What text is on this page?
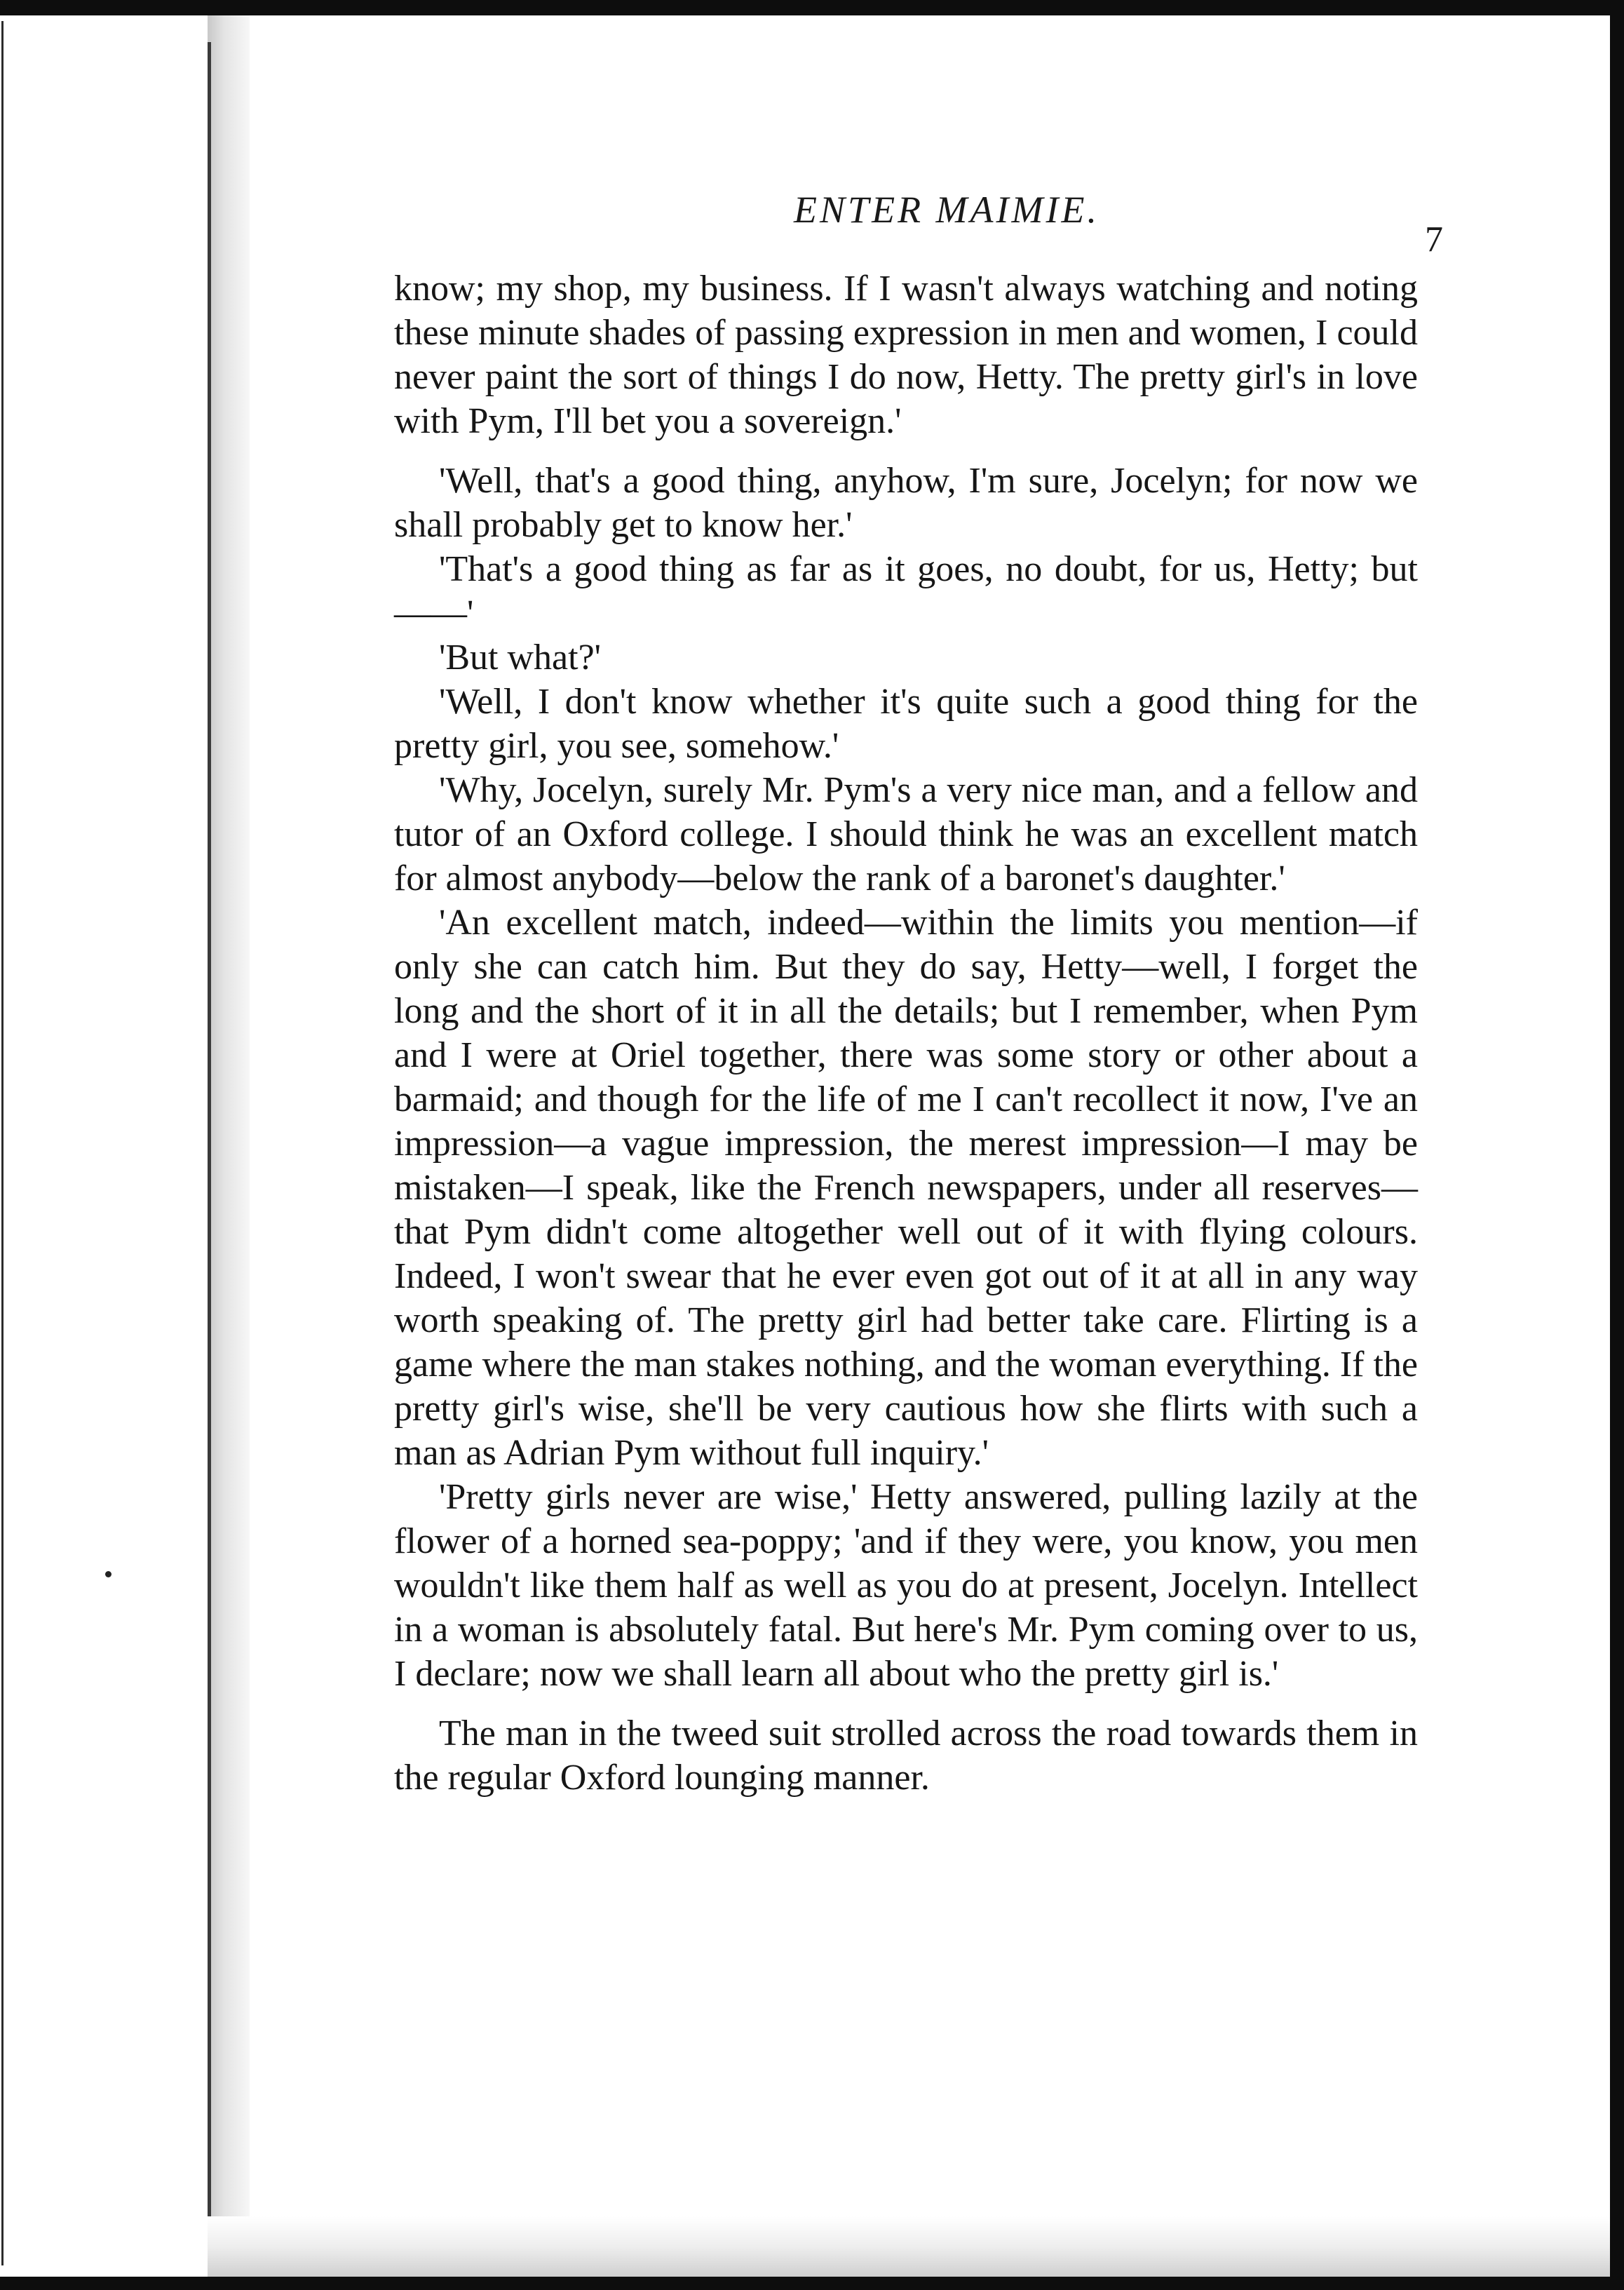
ENTER MAIMIE.
7

know; my shop, my business. If I wasn't always watching and noting these minute shades of passing expression in men and women, I could never paint the sort of things I do now, Hetty. The pretty girl's in love with Pym, I'll bet you a sovereign.'

'Well, that's a good thing, anyhow, I'm sure, Jocelyn; for now we shall probably get to know her.'

'That's a good thing as far as it goes, no doubt, for us, Hetty; but——'

'But what?'

'Well, I don't know whether it's quite such a good thing for the pretty girl, you see, somehow.'

'Why, Jocelyn, surely Mr. Pym's a very nice man, and a fellow and tutor of an Oxford college. I should think he was an excellent match for almost anybody—below the rank of a baronet's daughter.'

'An excellent match, indeed—within the limits you mention—if only she can catch him. But they do say, Hetty—well, I forget the long and the short of it in all the details; but I remember, when Pym and I were at Oriel together, there was some story or other about a barmaid; and though for the life of me I can't recollect it now, I've an impression—a vague impression, the merest impression—I may be mistaken—I speak, like the French newspapers, under all reserves—that Pym didn't come altogether well out of it with flying colours. Indeed, I won't swear that he ever even got out of it at all in any way worth speaking of. The pretty girl had better take care. Flirting is a game where the man stakes nothing, and the woman everything. If the pretty girl's wise, she'll be very cautious how she flirts with such a man as Adrian Pym without full inquiry.'

'Pretty girls never are wise,' Hetty answered, pulling lazily at the flower of a horned sea-poppy; 'and if they were, you know, you men wouldn't like them half as well as you do at present, Jocelyn. Intellect in a woman is absolutely fatal. But here's Mr. Pym coming over to us, I declare; now we shall learn all about who the pretty girl is.'

The man in the tweed suit strolled across the road towards them in the regular Oxford lounging manner.
